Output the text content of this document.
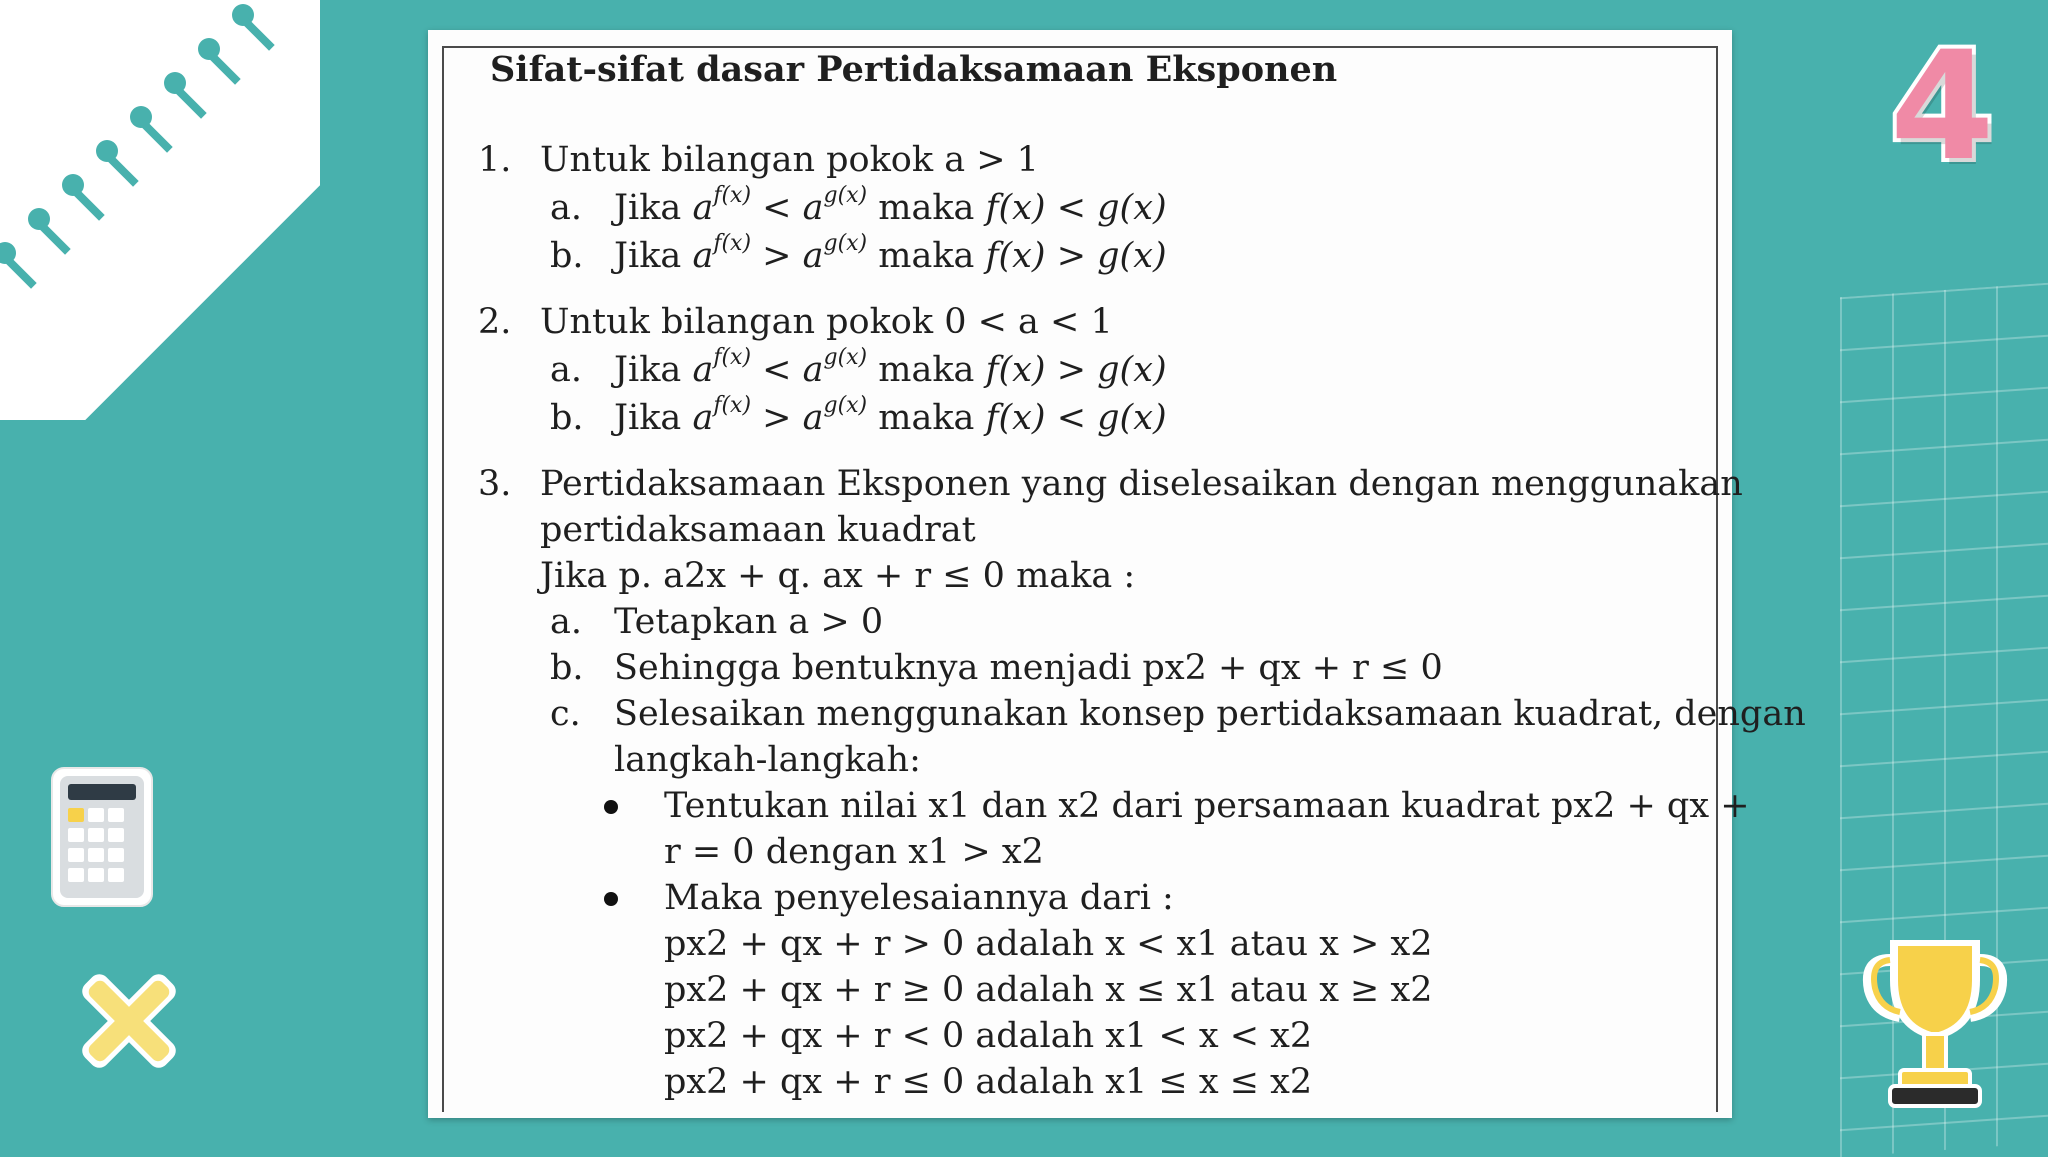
4
Sifat-sifat dasar Pertidaksamaan Eksponen
1. Untuk bilangan pokok a > 1
a. Jika $a^{f(x)} < a^{g(x)}$ maka f(x) < g(x)
b. Jika $a^{f(x)} > a^{g(x)}$ maka f(x) > g(x)
2. Untuk bilangan pokok 0 < a < 1
a. Jika $a^{f(x)} < a^{g(x)}$ maka f(x) > g(x)
b. Jika $a^{f(x)} > a^{g(x)}$ maka f(x) < g(x)
3. Pertidaksamaan Eksponen yang diselesaikan dengan menggunakan
pertidaksamaan kuadrat
Jika p. a2x + q. ax + r ≤ 0 maka :
a. Tetapkan a > 0
b. Sehingga bentuknya menjadi px2 + qx + r ≤ 0
c. Selesaikan menggunakan konsep pertidaksamaan kuadrat, dengan
langkah-langkah:
Tentukan nilai x1 dan x2 dari persamaan kuadrat px2 + qx +
r = 0 dengan x1 > x2
Maka penyelesaiannya dari :
px2 + qx + r > 0 adalah x < x1 atau x > x2
px2 + qx + r ≥ 0 adalah x ≤ x1 atau x ≥ x2
px2 + qx + r < 0 adalah x1 < x < x2
px2 + qx + r ≤ 0 adalah x1 ≤ x ≤ x2
